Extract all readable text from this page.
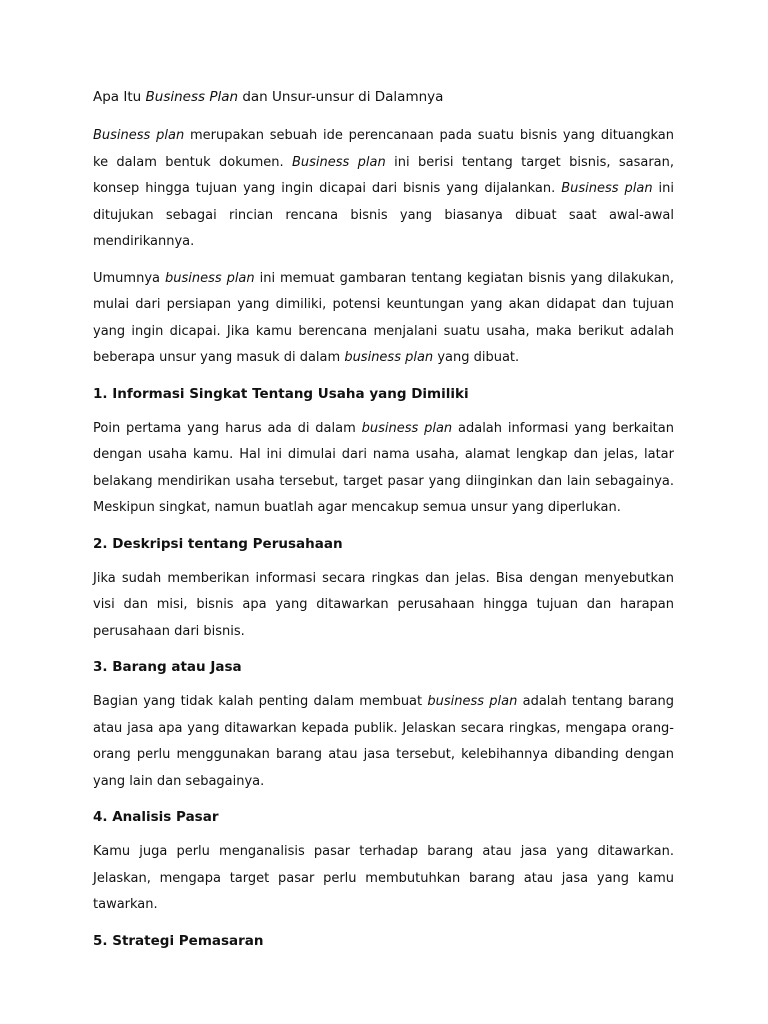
Apa Itu Business Plan dan Unsur-unsur di Dalamnya

Business plan merupakan sebuah ide perencanaan pada suatu bisnis yang dituangkan ke dalam bentuk dokumen. Business plan ini berisi tentang target bisnis, sasaran, konsep hingga tujuan yang ingin dicapai dari bisnis yang dijalankan. Business plan ini ditujukan sebagai rincian rencana bisnis yang biasanya dibuat saat awal-awal mendirikannya.

Umumnya business plan ini memuat gambaran tentang kegiatan bisnis yang dilakukan, mulai dari persiapan yang dimiliki, potensi keuntungan yang akan didapat dan tujuan yang ingin dicapai. Jika kamu berencana menjalani suatu usaha, maka berikut adalah beberapa unsur yang masuk di dalam business plan yang dibuat.

1. Informasi Singkat Tentang Usaha yang Dimiliki

Poin pertama yang harus ada di dalam business plan adalah informasi yang berkaitan dengan usaha kamu. Hal ini dimulai dari nama usaha, alamat lengkap dan jelas, latar belakang mendirikan usaha tersebut, target pasar yang diinginkan dan lain sebagainya. Meskipun singkat, namun buatlah agar mencakup semua unsur yang diperlukan.

2. Deskripsi tentang Perusahaan

Jika sudah memberikan informasi secara ringkas dan jelas. Bisa dengan menyebutkan visi dan misi, bisnis apa yang ditawarkan perusahaan hingga tujuan dan harapan perusahaan dari bisnis.

3. Barang atau Jasa

Bagian yang tidak kalah penting dalam membuat business plan adalah tentang barang atau jasa apa yang ditawarkan kepada publik. Jelaskan secara ringkas, mengapa orang-orang perlu menggunakan barang atau jasa tersebut, kelebihannya dibanding dengan yang lain dan sebagainya.

4. Analisis Pasar

Kamu juga perlu menganalisis pasar terhadap barang atau jasa yang ditawarkan. Jelaskan, mengapa target pasar perlu membutuhkan barang atau jasa yang kamu tawarkan.

5. Strategi Pemasaran
